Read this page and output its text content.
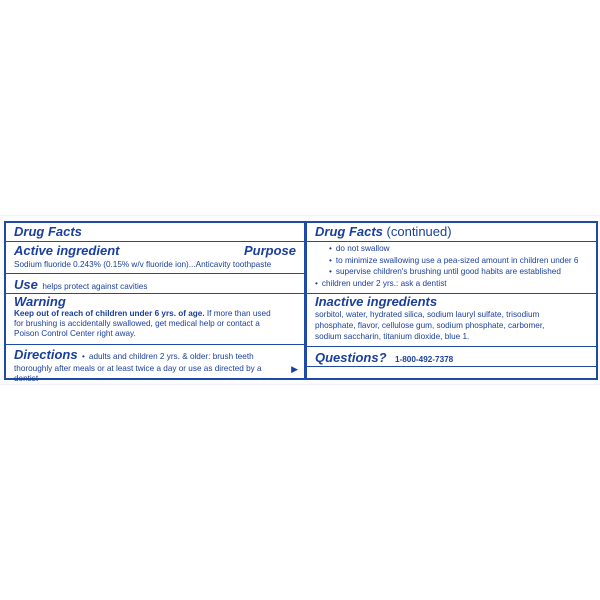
Drug Facts
Active ingredient	Purpose
Sodium fluoride 0.243% (0.15% w/v fluoride ion)...Anticavity toothpaste
Use helps protect against cavities
Warning
Keep out of reach of children under 6 yrs. of age. If more than used
for brushing is accidentally swallowed, get medical help or contact a
Poison Control Center right away.
Directions • adults and children 2 yrs. & older: brush teeth
thoroughly after meals or at least twice a day or use as directed by a
dentist
▶
Drug Facts (continued)
• do not swallow
• to minimize swallowing use a pea-sized amount in children under 6
• supervise children's brushing until good habits are established
• children under 2 yrs.: ask a dentist
Inactive ingredients
sorbitol, water, hydrated silica, sodium lauryl sulfate, trisodium
phosphate, flavor, cellulose gum, sodium phosphate, carbomer,
sodium saccharin, titanium dioxide, blue 1.
Questions? 1-800-492-7378
